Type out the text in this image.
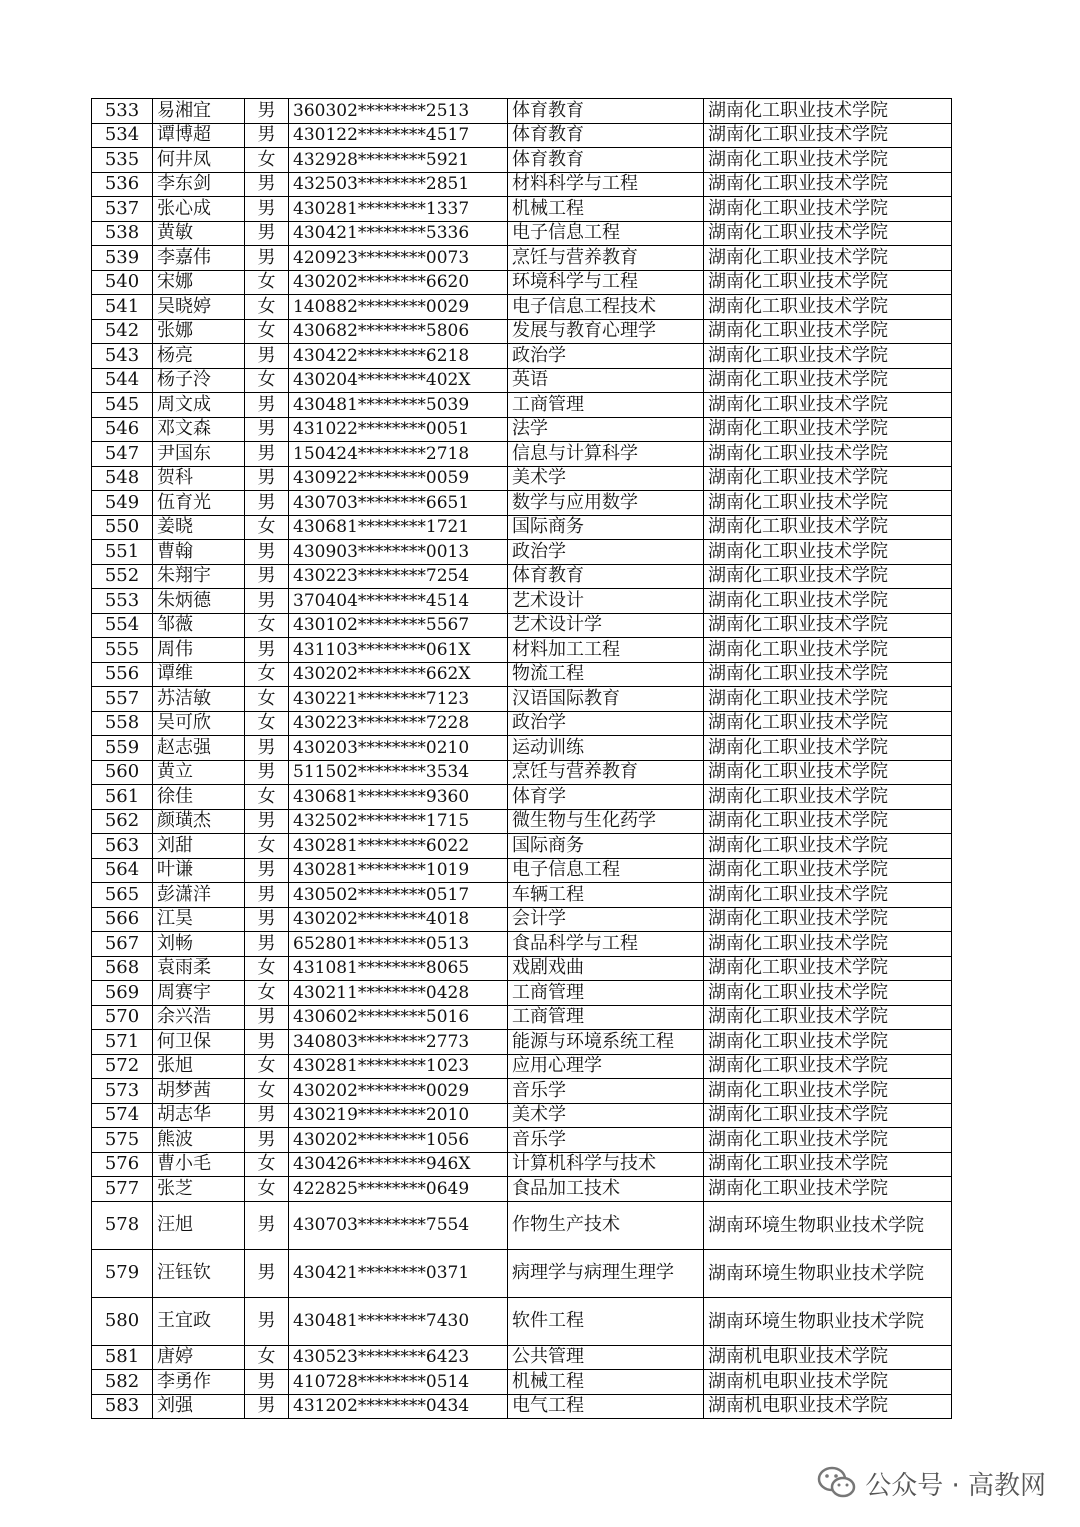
533	易湘宜	男	360302********2513	体育教育	湖南化工职业技术学院
534	谭博超	男	430122********4517	体育教育	湖南化工职业技术学院
535	何井凤	女	432928********5921	体育教育	湖南化工职业技术学院
536	李东剑	男	432503********2851	材料科学与工程	湖南化工职业技术学院
537	张心成	男	430281********1337	机械工程	湖南化工职业技术学院
538	黄敏	男	430421********5336	电子信息工程	湖南化工职业技术学院
539	李嘉伟	男	420923********0073	烹饪与营养教育	湖南化工职业技术学院
540	宋娜	女	430202********6620	环境科学与工程	湖南化工职业技术学院
541	吴晓婷	女	140882********0029	电子信息工程技术	湖南化工职业技术学院
542	张娜	女	430682********5806	发展与教育心理学	湖南化工职业技术学院
543	杨亮	男	430422********6218	政治学	湖南化工职业技术学院
544	杨子泠	女	430204********402X	英语	湖南化工职业技术学院
545	周文成	男	430481********5039	工商管理	湖南化工职业技术学院
546	邓文森	男	431022********0051	法学	湖南化工职业技术学院
547	尹国东	男	150424********2718	信息与计算科学	湖南化工职业技术学院
548	贺科	男	430922********0059	美术学	湖南化工职业技术学院
549	伍育光	男	430703********6651	数学与应用数学	湖南化工职业技术学院
550	姜晓	女	430681********1721	国际商务	湖南化工职业技术学院
551	曹翰	男	430903********0013	政治学	湖南化工职业技术学院
552	朱翔宇	男	430223********7254	体育教育	湖南化工职业技术学院
553	朱炳德	男	370404********4514	艺术设计	湖南化工职业技术学院
554	邹薇	女	430102********5567	艺术设计学	湖南化工职业技术学院
555	周伟	男	431103********061X	材料加工工程	湖南化工职业技术学院
556	谭维	女	430202********662X	物流工程	湖南化工职业技术学院
557	苏洁敏	女	430221********7123	汉语国际教育	湖南化工职业技术学院
558	吴可欣	女	430223********7228	政治学	湖南化工职业技术学院
559	赵志强	男	430203********0210	运动训练	湖南化工职业技术学院
560	黄立	男	511502********3534	烹饪与营养教育	湖南化工职业技术学院
561	徐佳	女	430681********9360	体育学	湖南化工职业技术学院
562	颜璜杰	男	432502********1715	微生物与生化药学	湖南化工职业技术学院
563	刘甜	女	430281********6022	国际商务	湖南化工职业技术学院
564	叶谦	男	430281********1019	电子信息工程	湖南化工职业技术学院
565	彭潇洋	男	430502********0517	车辆工程	湖南化工职业技术学院
566	江昊	男	430202********4018	会计学	湖南化工职业技术学院
567	刘畅	男	652801********0513	食品科学与工程	湖南化工职业技术学院
568	袁雨柔	女	431081********8065	戏剧戏曲	湖南化工职业技术学院
569	周赛宇	女	430211********0428	工商管理	湖南化工职业技术学院
570	余兴浩	男	430602********5016	工商管理	湖南化工职业技术学院
571	何卫保	男	340803********2773	能源与环境系统工程	湖南化工职业技术学院
572	张旭	女	430281********1023	应用心理学	湖南化工职业技术学院
573	胡梦茜	女	430202********0029	音乐学	湖南化工职业技术学院
574	胡志华	男	430219********2010	美术学	湖南化工职业技术学院
575	熊波	男	430202********1056	音乐学	湖南化工职业技术学院
576	曹小毛	女	430426********946X	计算机科学与技术	湖南化工职业技术学院
577	张芝	女	422825********0649	食品加工技术	湖南化工职业技术学院
578	汪旭	男	430703********7554	作物生产技术	湖南环境生物职业技术学院
579	汪钰钦	男	430421********0371	病理学与病理生理学	湖南环境生物职业技术学院
580	王宜政	男	430481********7430	软件工程	湖南环境生物职业技术学院
581	唐婷	女	430523********6423	公共管理	湖南机电职业技术学院
582	李勇作	男	410728********0514	机械工程	湖南机电职业技术学院
583	刘强	男	431202********0434	电气工程	湖南机电职业技术学院
公众号 · 高教网
